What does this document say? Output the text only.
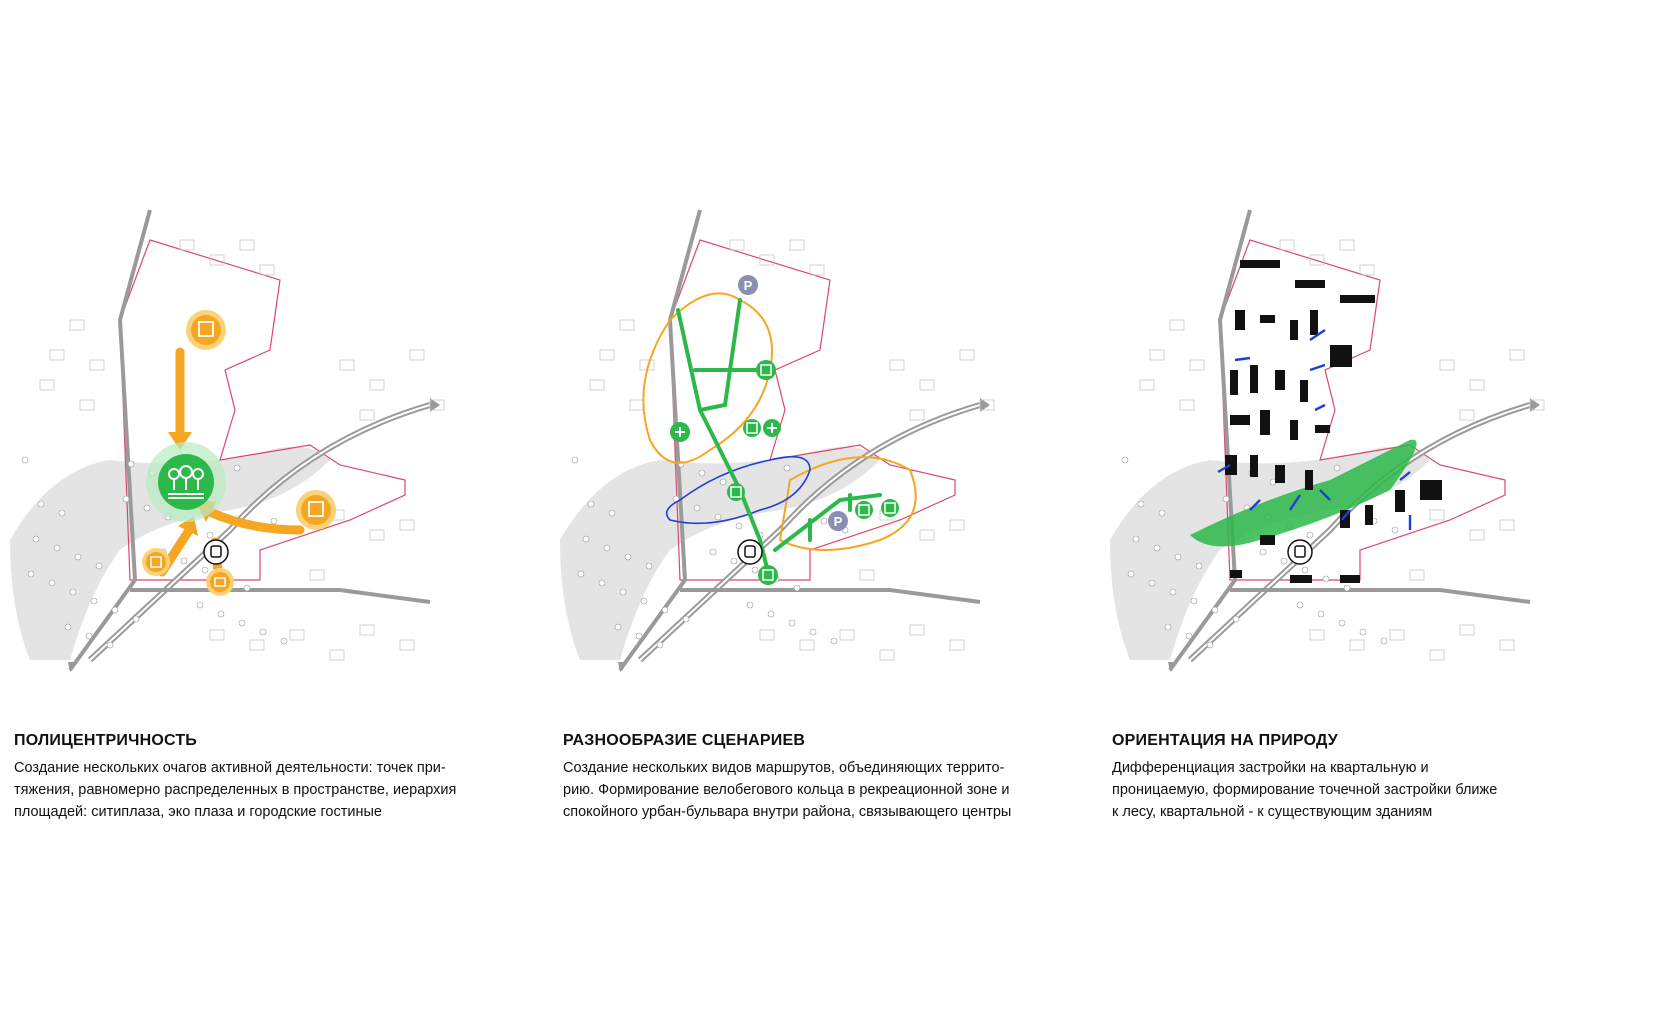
P
P
ПОЛИЦЕНТРИЧНОСТЬ

Создание нескольких очагов активной деятельности: точек при-
тяжения, равномерно распределенных в пространстве, иерархия
площадей: ситиплаза, эко плаза и городские гостиные

РАЗНООБРАЗИЕ СЦЕНАРИЕВ

Создание нескольких видов маршрутов, объединяющих террито-
рию. Формирование велобегового кольца в рекреационной зоне и
спокойного урбан-бульвара внутри района, связывающего центры

ОРИЕНТАЦИЯ НА ПРИРОДУ

Дифференциация застройки на квартальную и
проницаемую, формирование точечной застройки ближе
к лесу, квартальной - к существующим зданиям
